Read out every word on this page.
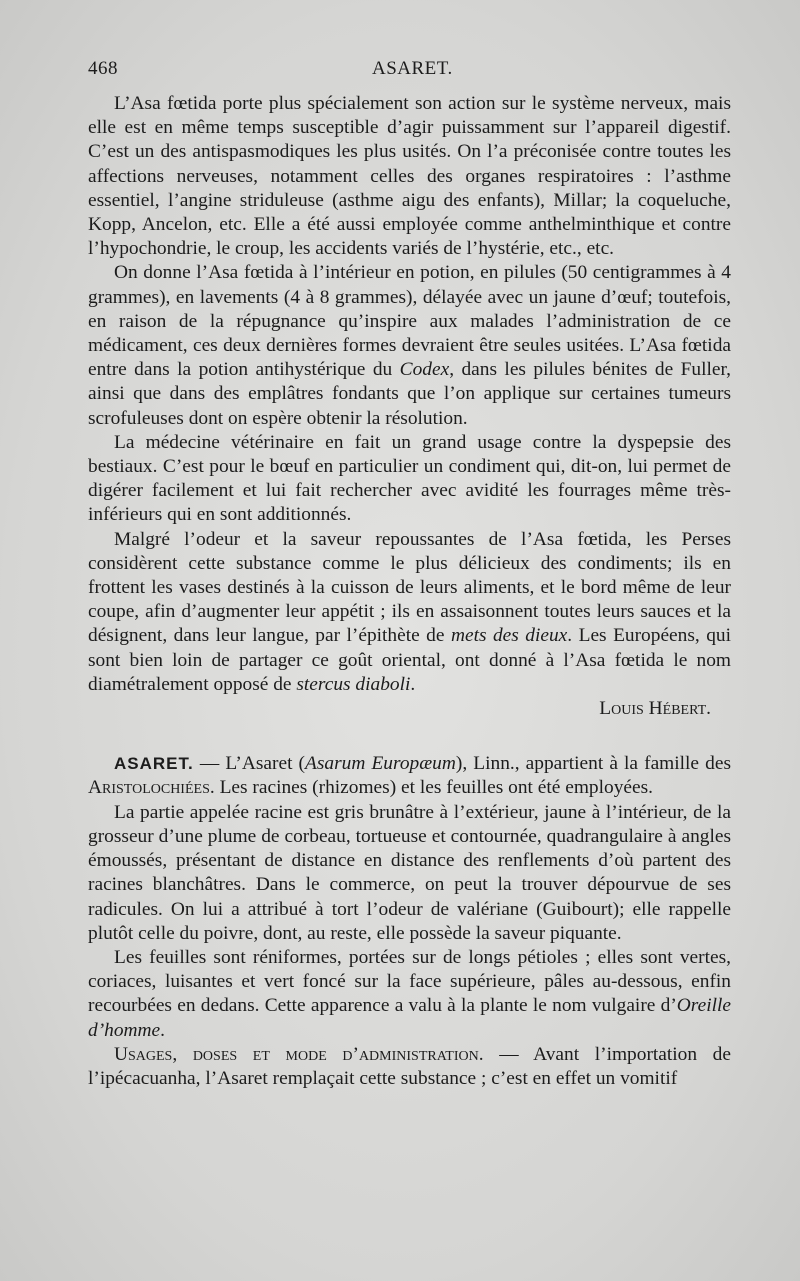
468	ASARET.

L’Asa fœtida porte plus spécialement son action sur le système nerveux, mais elle est en même temps susceptible d’agir puissamment sur l’appareil digestif. C’est un des antispasmodiques les plus usités. On l’a préconisée contre toutes les affections nerveuses, notamment celles des organes respiratoires : l’asthme essentiel, l’angine striduleuse (asthme aigu des enfants), Millar; la coqueluche, Kopp, Ancelon, etc. Elle a été aussi employée comme anthelminthique et contre l’hypochondrie, le croup, les accidents variés de l’hystérie, etc., etc.

On donne l’Asa fœtida à l’intérieur en potion, en pilules (50 centigrammes à 4 grammes), en lavements (4 à 8 grammes), délayée avec un jaune d’œuf; toutefois, en raison de la répugnance qu’inspire aux malades l’administration de ce médicament, ces deux dernières formes devraient être seules usitées. L’Asa fœtida entre dans la potion antihystérique du Codex, dans les pilules bénites de Fuller, ainsi que dans des emplâtres fondants que l’on applique sur certaines tumeurs scrofuleuses dont on espère obtenir la résolution.

La médecine vétérinaire en fait un grand usage contre la dyspepsie des bestiaux. C’est pour le bœuf en particulier un condiment qui, dit-on, lui permet de digérer facilement et lui fait rechercher avec avidité les fourrages même très-inférieurs qui en sont additionnés.

Malgré l’odeur et la saveur repoussantes de l’Asa fœtida, les Perses considèrent cette substance comme le plus délicieux des condiments; ils en frottent les vases destinés à la cuisson de leurs aliments, et le bord même de leur coupe, afin d’augmenter leur appétit ; ils en assaisonnent toutes leurs sauces et la désignent, dans leur langue, par l’épithète de mets des dieux. Les Européens, qui sont bien loin de partager ce goût oriental, ont donné à l’Asa fœtida le nom diamétralement opposé de stercus diaboli.

Louis Hébert.

ASARET. — L’Asaret (Asarum Europæum), Linn., appartient à la famille des Aristolochiées. Les racines (rhizomes) et les feuilles ont été employées.

La partie appelée racine est gris brunâtre à l’extérieur, jaune à l’intérieur, de la grosseur d’une plume de corbeau, tortueuse et contournée, quadrangulaire à angles émoussés, présentant de distance en distance des renflements d’où partent des racines blanchâtres. Dans le commerce, on peut la trouver dépourvue de ses radicules. On lui a attribué à tort l’odeur de valériane (Guibourt); elle rappelle plutôt celle du poivre, dont, au reste, elle possède la saveur piquante.

Les feuilles sont réniformes, portées sur de longs pétioles ; elles sont vertes, coriaces, luisantes et vert foncé sur la face supérieure, pâles au-dessous, enfin recourbées en dedans. Cette apparence a valu à la plante le nom vulgaire d’Oreille d’homme.

Usages, doses et mode d’administration. — Avant l’importation de l’ipécacuanha, l’Asaret remplaçait cette substance ; c’est en effet un vomitif
